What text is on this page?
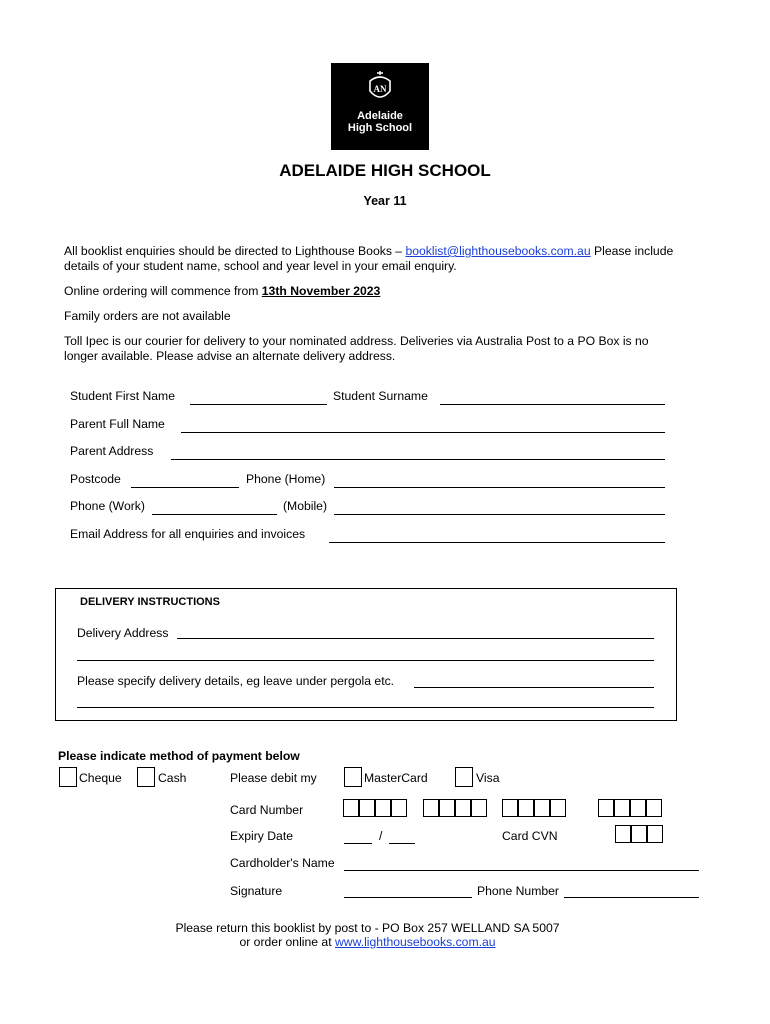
AN
Adelaide
High School
ADELAIDE HIGH SCHOOL
Year 11
All booklist enquiries should be directed to Lighthouse Books – booklist@lighthousebooks.com.au Please include details of your student name, school and year level in your email enquiry.
Online ordering will commence from 13th November 2023
Family orders are not available
Toll Ipec is our courier for delivery to your nominated address. Deliveries via Australia Post to a PO Box is no longer available. Please advise an alternate delivery address.
Student First Name	Student Surname
Parent Full Name
Parent Address
Postcode	Phone (Home)
Phone (Work)	(Mobile)
Email Address for all enquiries and invoices
DELIVERY INSTRUCTIONS
Delivery Address
Please specify delivery details, eg leave under pergola etc.
Please indicate method of payment below
Cheque	Cash	Please debit my	MasterCard	Visa
Card Number
Expiry Date	/	Card CVN
Cardholder's Name
Signature	Phone Number
Please return this booklist by post to - PO Box 257 WELLAND SA 5007
or order online at www.lighthousebooks.com.au
